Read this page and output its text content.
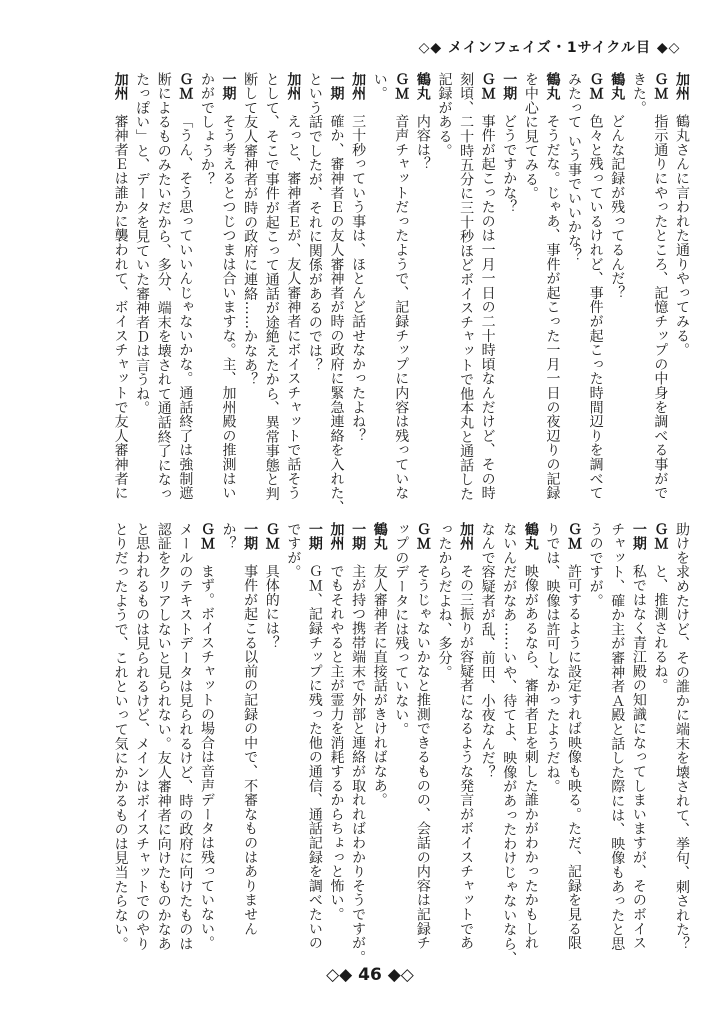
◇◆ メインフェイズ・1サイクル目 ◆◇
加州鶴丸さんに言われた通りやってみる。
ＧＭ指示通りにやったところ、記憶チップの中身を調べる事がで
きた。
鶴丸どんな記録が残ってるんだ？
ＧＭ色々と残っているけれど、事件が起こった時間辺りを調べて
みたって いう事でいいかな？
鶴丸そうだな。じゃあ、事件が起こった一月一日の夜辺りの記録
を中心に見てみる。
一期どうですかな？
ＧＭ事件が起こったのは一月一日の二十時頃なんだけど、その時
刻頃、二十時五分に三十秒ほどボイスチャットで他本丸と通話した
記録がある。
鶴丸内容は？
ＧＭ音声チャットだったようで、記録チップに内容は残っていな
い。
加州三十秒っていう事は、ほとんど話せなかったよね？
一期確か、審神者Ｅの友人審神者が時の政府に緊急連絡を入れた、
という話でしたが、それに関係があるのでは？
加州えっと、審神者Ｅが、友人審神者にボイスチャットで話そう
として、そこで事件が起こって通話が途絶えたから、異常事態と判
断して友人審神者が時の政府に連絡……かなあ？
一期そう考えるとつじつまは合いますな。主、加州殿の推測はい
かがでしょうか？
ＧＭ「うん、そう思っていいんじゃないかな。通話終了は強制遮
断によるものみたいだから、多分、端末を壊されて通話終了になっ
たっぽい」と、データを見ていた審神者Ｄは言うね。
加州審神者Ｅは誰かに襲われて、ボイスチャットで友人審神者に
助けを求めたけど、その誰かに端末を壊されて、挙句、刺された？
ＧＭと、推測されるね。
一期私ではなく青江殿の知識になってしまいますが、そのボイス
チャット、確か主が審神者Ａ殿と話した際には、映像もあったと思
うのですが。
ＧＭ許可するように設定すれば映像も映る。ただ、記録を見る限
りでは、映像は許可しなかったようだね。
鶴丸映像があるなら、審神者Ｅを刺した誰かがわかったかもしれ
ないんだがなあ……いや、待てよ、映像があったわけじゃないなら、
なんで容疑者が乱、前田、小夜なんだ？
加州その三振りが容疑者になるような発言がボイスチャットであ
ったからだよね、多分。
ＧＭそうじゃないかなと推測できるものの、会話の内容は記録チ
ップのデータには残っていない。
鶴丸友人審神者に直接話がきければなあ。
一期主が持つ携帯端末で外部と連絡が取れればわかりそうですが。
加州でもそれやると主が霊力を消耗するからちょっと怖い。
一期ＧＭ、記録チップに残った他の通信、通話記録を調べたいの
ですが。
ＧＭ具体的には？
一期事件が起こる以前の記録の中で、不審なものはありません
か？
ＧＭまず。ボイスチャットの場合は音声データは残っていない。
メールのテキストデータは見られるけど、時の政府に向けたものは
認証をクリアしないと見られない。友人審神者に向けたものかなあ
と思われるものは見られるけど、メインはボイスチャットでのやり
とりだったようで、これといって気にかかるものは見当たらない。
◇◆ 46 ◆◇
